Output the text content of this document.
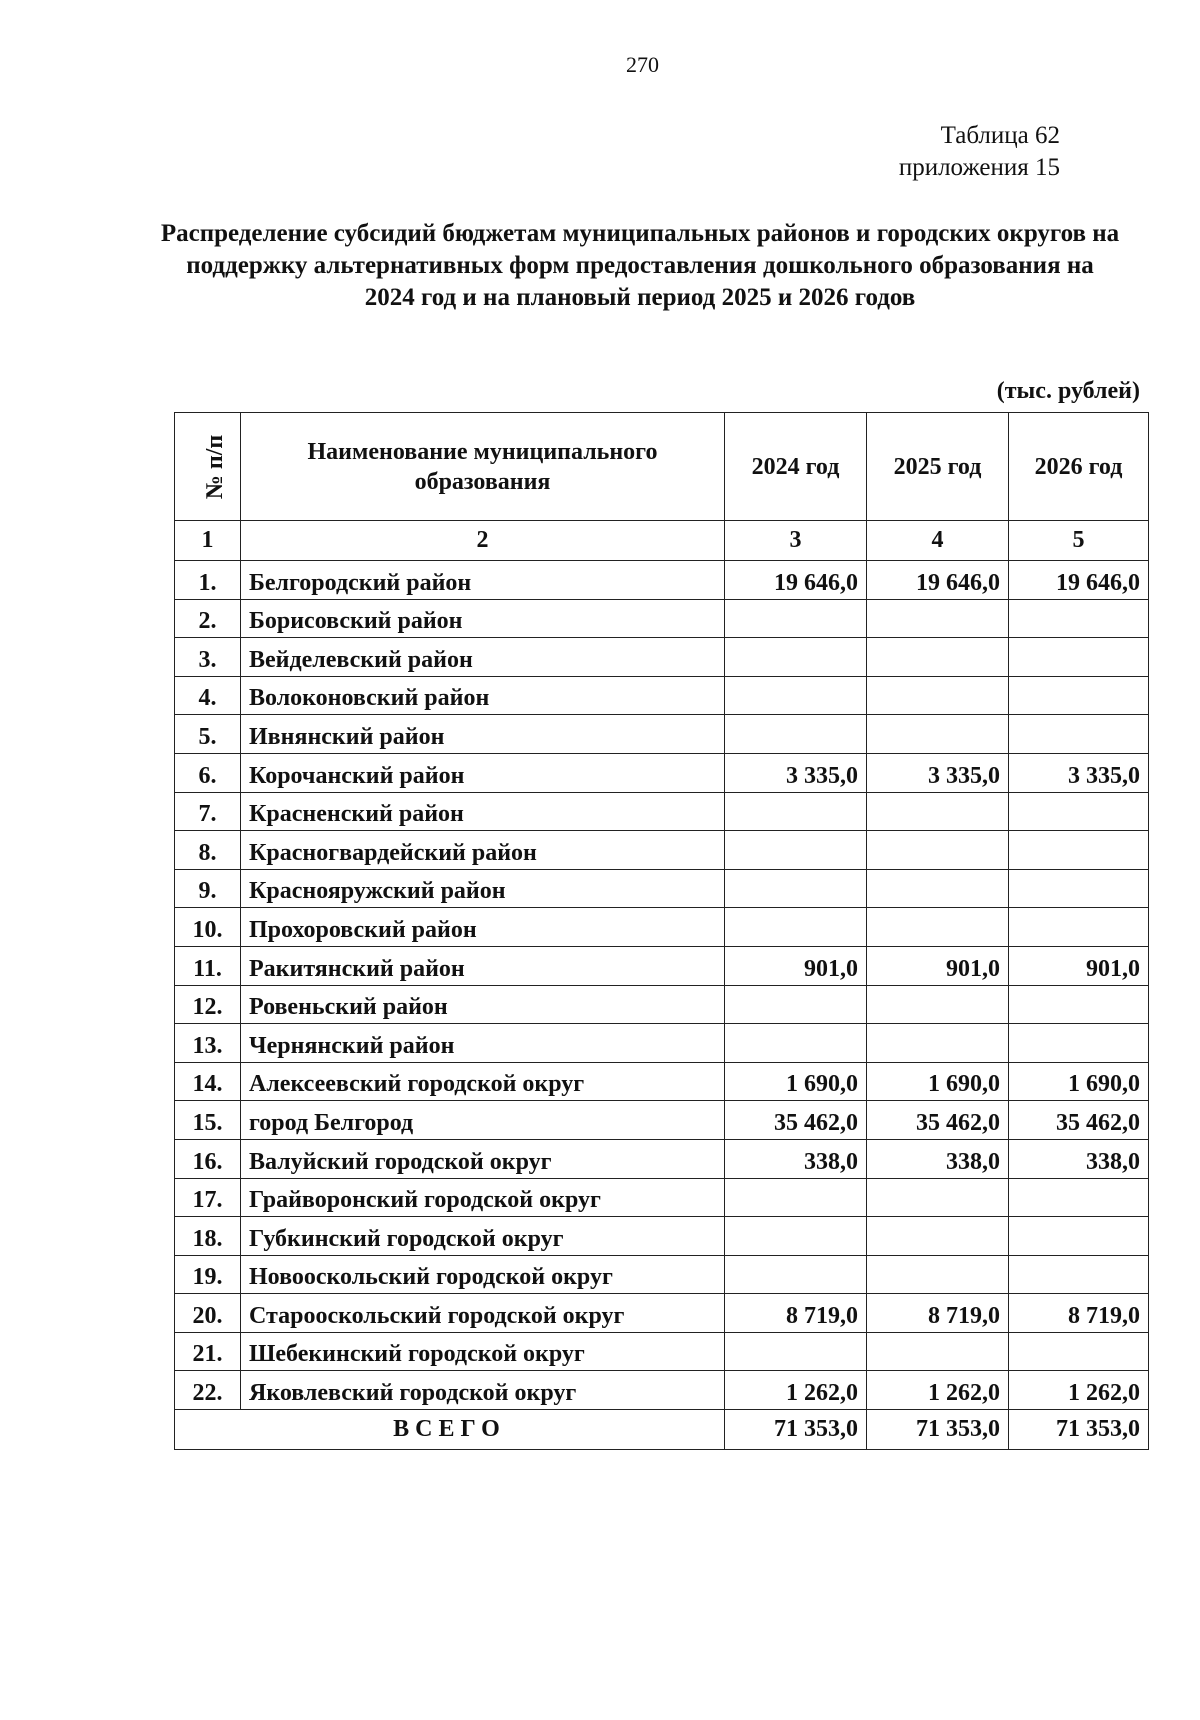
270
Таблица 62
приложения 15
Распределение субсидий бюджетам муниципальных районов и городских округов на поддержку альтернативных форм предоставления дошкольного образования на 2024 год и на плановый период 2025 и 2026 годов
(тыс. рублей)
№ п/п	Наименование муниципального образования	2024 год	2025 год	2026 год
1	2	3	4	5
1.	Белгородский район	19 646,0	19 646,0	19 646,0
2.	Борисовский район			
3.	Вейделевский район			
4.	Волоконовский район			
5.	Ивнянский район			
6.	Корочанский район	3 335,0	3 335,0	3 335,0
7.	Красненский район			
8.	Красногвардейский район			
9.	Краснояружский район			
10.	Прохоровский район			
11.	Ракитянский район	901,0	901,0	901,0
12.	Ровеньский район			
13.	Чернянский район			
14.	Алексеевский городской округ	1 690,0	1 690,0	1 690,0
15.	город Белгород	35 462,0	35 462,0	35 462,0
16.	Валуйский городской округ	338,0	338,0	338,0
17.	Грайворонский городской округ			
18.	Губкинский городской округ			
19.	Новооскольский городской округ			
20.	Старооскольский городской округ	8 719,0	8 719,0	8 719,0
21.	Шебекинский городской округ			
22.	Яковлевский городской округ	1 262,0	1 262,0	1 262,0
ВСЕГО		71 353,0	71 353,0	71 353,0
